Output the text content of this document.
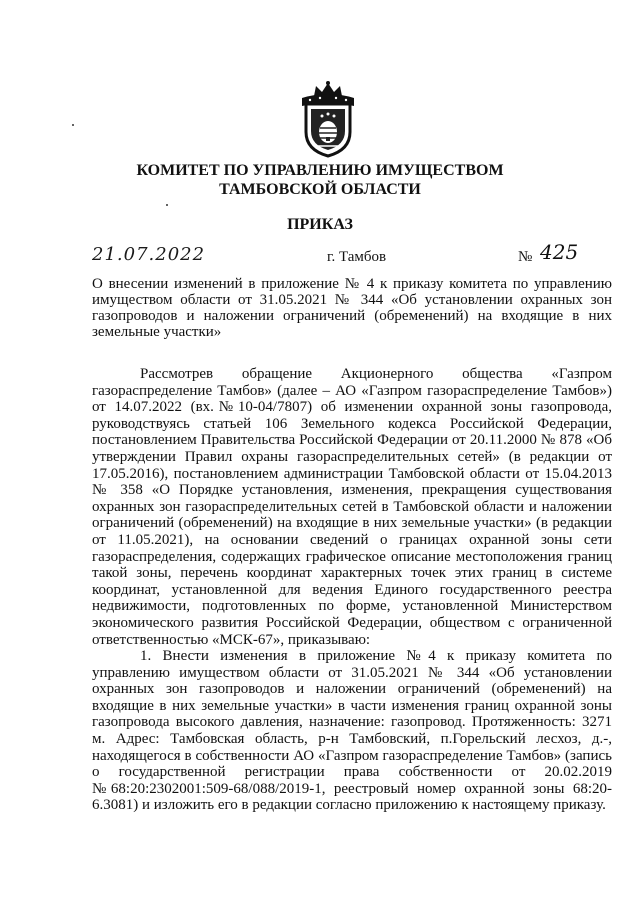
КОМИТЕТ ПО УПРАВЛЕНИЮ ИМУЩЕСТВОМ
ТАМБОВСКОЙ ОБЛАСТИ
ПРИКАЗ
21.07.2022	г. Тамбов	№ 425
О внесении изменений в приложение № 4 к приказу комитета по управлению имуществом области от 31.05.2021 № 344 «Об установлении охранных зон газопроводов и наложении ограничений (обременений) на входящие в них земельные участки»

Рассмотрев обращение Акционерного общества «Газпром газораспределение Тамбов» (далее – АО «Газпром газораспределение Тамбов») от 14.07.2022 (вх.№10-04/7807) об изменении охранной зоны газопровода, руководствуясь статьей 106 Земельного кодекса Российской Федерации, постановлением Правительства Российской Федерации от 20.11.2000 № 878 «Об утверждении Правил охраны газораспределительных сетей» (в редакции от 17.05.2016), постановлением администрации Тамбовской области от 15.04.2013 № 358 «О Порядке установления, изменения, прекращения существования охранных зон газораспределительных сетей в Тамбовской области и наложении ограничений (обременений) на входящие в них земельные участки» (в редакции от 11.05.2021), на основании сведений о границах охранной зоны сети газораспределения, содержащих графическое описание местоположения границ такой зоны, перечень координат характерных точек этих границ в системе координат, установленной для ведения Единого государственного реестра недвижимости, подготовленных по форме, установленной Министерством экономического развития Российской Федерации, обществом с ограниченной ответственностью «МСК-67», приказываю:

1. Внести изменения в приложение №4 к приказу комитета по управлению имуществом области от 31.05.2021 № 344 «Об установлении охранных зон газопроводов и наложении ограничений (обременений) на входящие в них земельные участки» в части изменения границ охранной зоны газопровода высокого давления, назначение: газопровод. Протяженность: 3271 м. Адрес: Тамбовская область, р-н Тамбовский, п.Горельский лесхоз, д.-, находящегося в собственности АО «Газпром газораспределение Тамбов» (запись о государственной регистрации права собственности от 20.02.2019 №68:20:2302001:509-68/088/2019-1, реестровый номер охранной зоны 68:20-6.3081) и изложить его в редакции согласно приложению к настоящему приказу.
